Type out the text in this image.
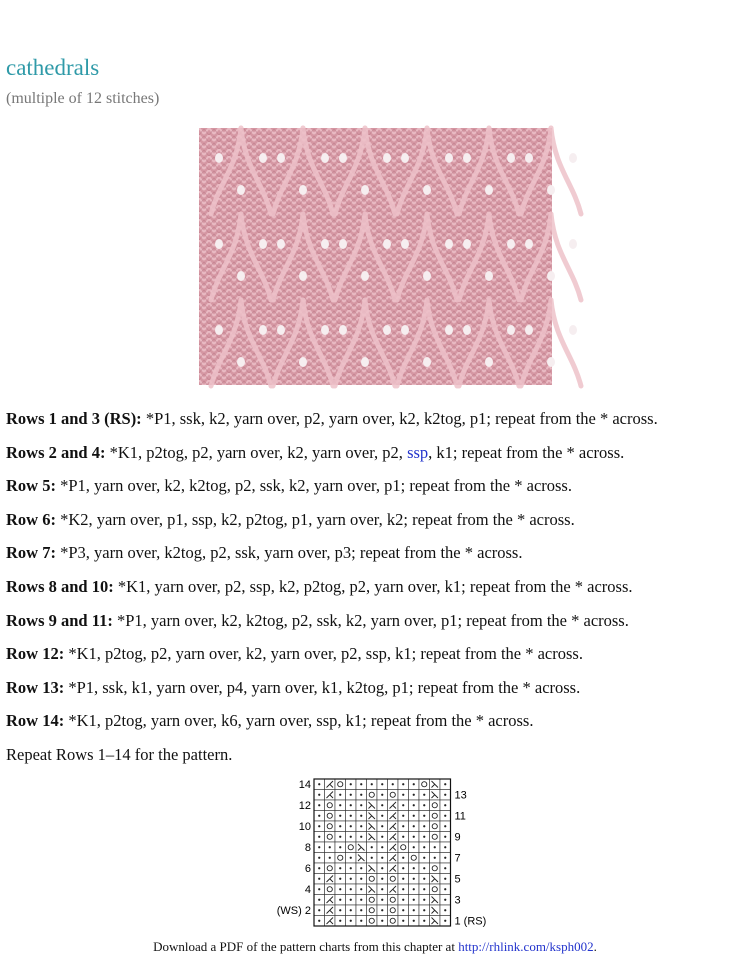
cathedrals

(multiple of 12 stitches)

Rows 1 and 3 (RS): *P1, ssk, k2, yarn over, p2, yarn over, k2, k2tog, p1; repeat from the * across.

Rows 2 and 4: *K1, p2tog, p2, yarn over, k2, yarn over, p2, ssp, k1; repeat from the * across.

Row 5: *P1, yarn over, k2, k2tog, p2, ssk, k2, yarn over, p1; repeat from the * across.

Row 6: *K2, yarn over, p1, ssp, k2, p2tog, p1, yarn over, k2; repeat from the * across.

Row 7: *P3, yarn over, k2tog, p2, ssk, yarn over, p3; repeat from the * across.

Rows 8 and 10: *K1, yarn over, p2, ssp, k2, p2tog, p2, yarn over, k1; repeat from the * across.

Rows 9 and 11: *P1, yarn over, k2, k2tog, p2, ssk, k2, yarn over, p1; repeat from the * across.

Row 12: *K1, p2tog, p2, yarn over, k2, yarn over, p2, ssp, k1; repeat from the * across.

Row 13: *P1, ssk, k1, yarn over, p4, yarn over, k1, k2tog, p1; repeat from the * across.

Row 14: *K1, p2tog, yarn over, k6, yarn over, ssp, k1; repeat from the * across.

Repeat Rows 1–14 for the pattern.

14
12
10
8
6
4
(WS) 2
13
11
9
7
5
3
1 (RS)

Download a PDF of the pattern charts from this chapter at http://rhlink.com/ksph002.
